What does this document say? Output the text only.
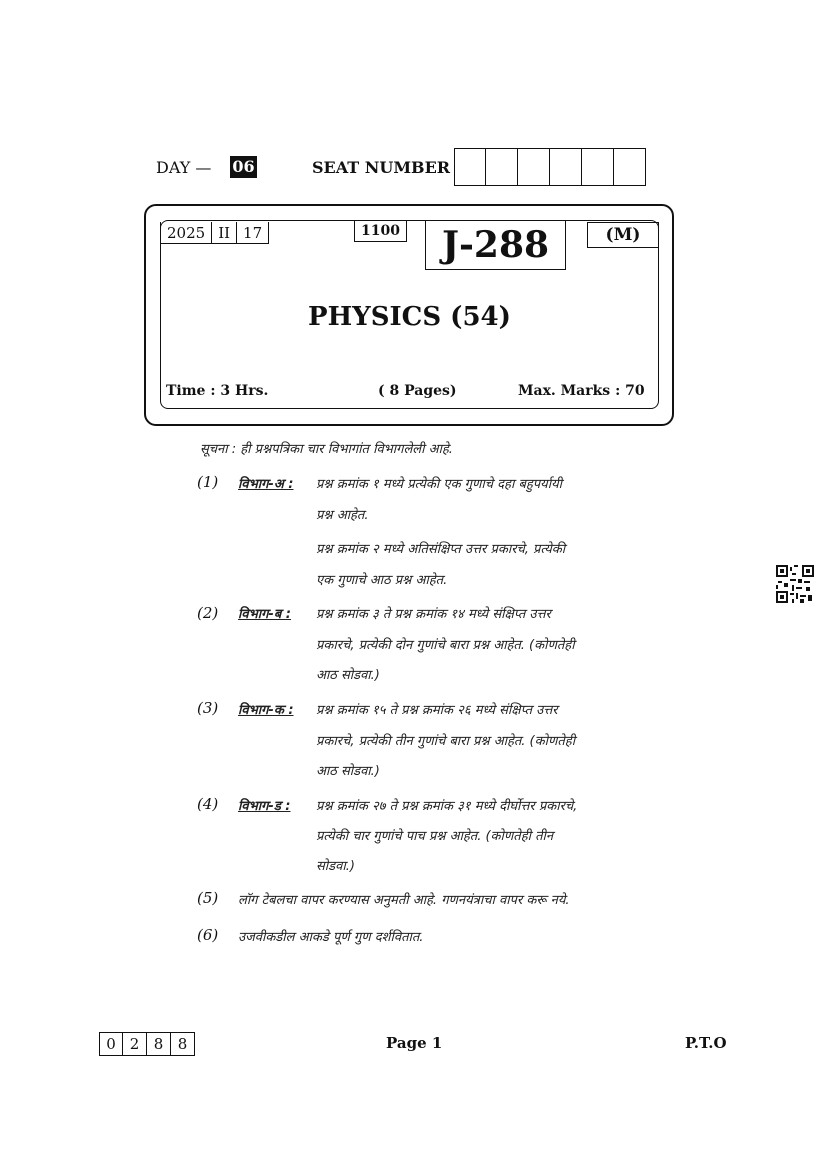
DAY — 06	SEAT NUMBER
2025 II 17	1100	J-288	(M)
PHYSICS (54)
Time : 3 Hrs.	( 8 Pages)	Max. Marks : 70
सूचना : ही प्रश्नपत्रिका चार विभागांत विभागलेली आहे.
(1) विभाग-अ : प्रश्न क्रमांक १ मध्ये प्रत्येकी एक गुणाचे दहा बहुपर्यायी
प्रश्न आहेत.
प्रश्न क्रमांक २ मध्ये अतिसंक्षिप्त उत्तर प्रकारचे, प्रत्येकी
एक गुणाचे आठ प्रश्न आहेत.
(2) विभाग-ब : प्रश्न क्रमांक ३ ते प्रश्न क्रमांक १४ मध्ये संक्षिप्त उत्तर
प्रकारचे, प्रत्येकी दोन गुणांचे बारा प्रश्न आहेत. (कोणतेही
आठ सोडवा.)
(3) विभाग-क : प्रश्न क्रमांक १५ ते प्रश्न क्रमांक २६ मध्ये संक्षिप्त उत्तर
प्रकारचे, प्रत्येकी तीन गुणांचे बारा प्रश्न आहेत. (कोणतेही
आठ सोडवा.)
(4) विभाग-ड : प्रश्न क्रमांक २७ ते प्रश्न क्रमांक ३१ मध्ये दीर्घोत्तर प्रकारचे,
प्रत्येकी चार गुणांचे पाच प्रश्न आहेत. (कोणतेही तीन
सोडवा.)
(5) लॉग टेबलचा वापर करण्यास अनुमती आहे. गणनयंत्राचा वापर करू नये.
(6) उजवीकडील आकडे पूर्ण गुण दर्शवितात.
0 2 8 8	Page 1	P.T.O
